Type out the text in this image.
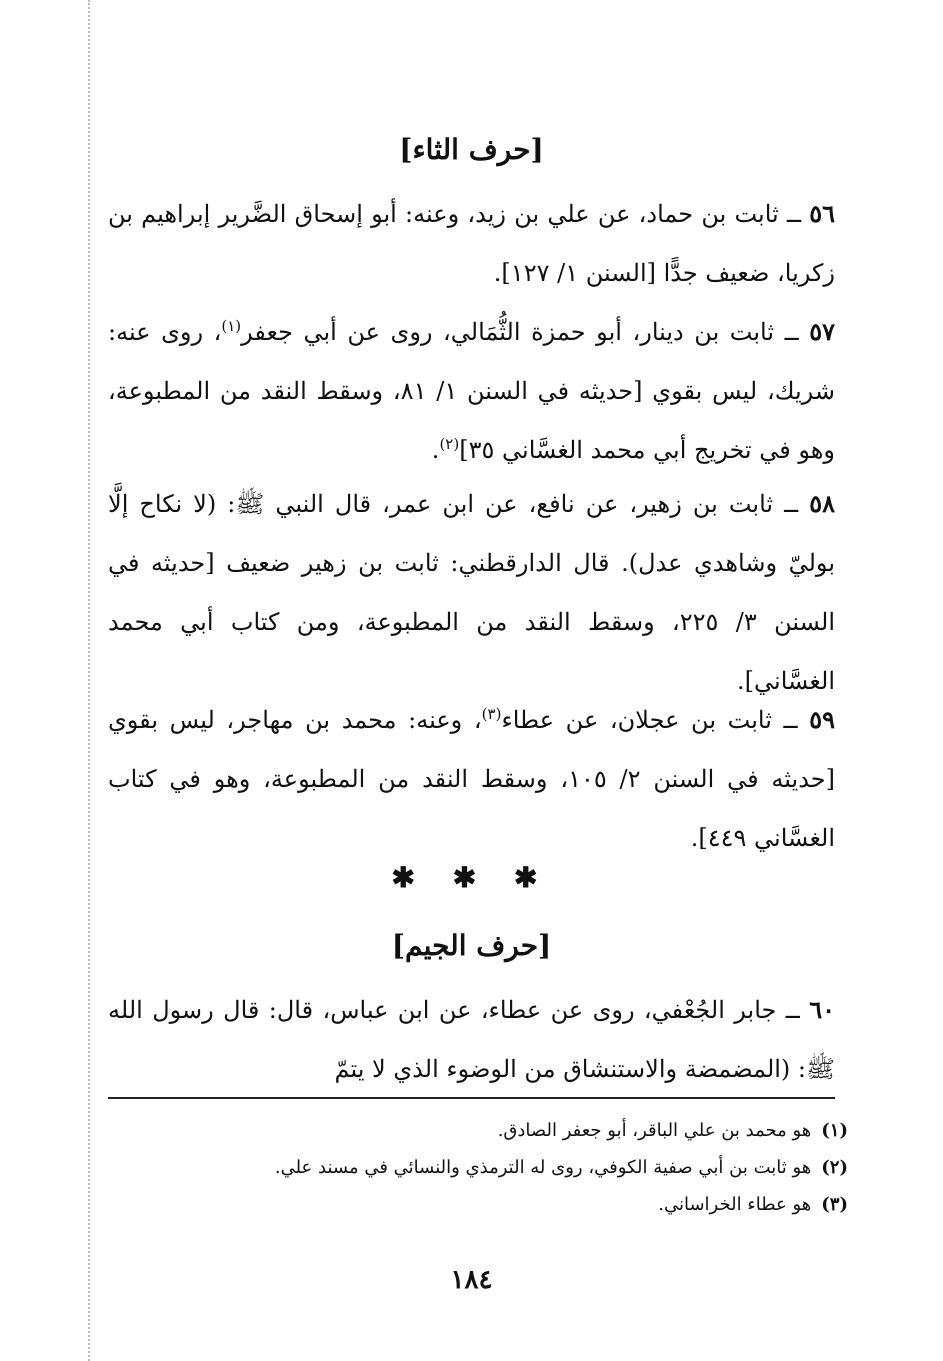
[حرف الثاء]
٥٦ ــ ثابت بن حماد، عن علي بن زيد، وعنه: أبو إسحاق الضَّرير إبراهيم بن زكريا، ضعيف جدًّا [السنن ١/ ١٢٧].
٥٧ ــ ثابت بن دينار، أبو حمزة الثُّمَالي، روى عن أبي جعفر$^{(١)}$، روى عنه: شريك، ليس بقوي [حديثه في السنن ١/ ٨١، وسقط النقد من المطبوعة، وهو في تخريج أبي محمد الغسَّاني ٣٥]$^{(٢)}$.
٥٨ ــ ثابت بن زهير، عن نافع، عن ابن عمر، قال النبي ﷺ: (لا نكاح إلَّا بوليّ وشاهدي عدل). قال الدارقطني: ثابت بن زهير ضعيف [حديثه في السنن ٣/ ٢٢٥، وسقط النقد من المطبوعة، ومن كتاب أبي محمد الغسَّاني].
٥٩ ــ ثابت بن عجلان، عن عطاء$^{(٣)}$، وعنه: محمد بن مهاجر، ليس بقوي [حديثه في السنن ٢/ ١٠٥، وسقط النقد من المطبوعة، وهو في كتاب الغسَّاني ٤٤٩].
✱ ✱ ✱
[حرف الجيم]
٦٠ ــ جابر الجُعْفي، روى عن عطاء، عن ابن عباس، قال: قال رسول الله ﷺ: (المضمضة والاستنشاق من الوضوء الذي لا يتمّ
(١)هو محمد بن علي الباقر، أبو جعفر الصادق.
(٢)هو ثابت بن أبي صفية الكوفي، روى له الترمذي والنسائي في مسند علي.
(٣)هو عطاء الخراساني.
١٨٤
